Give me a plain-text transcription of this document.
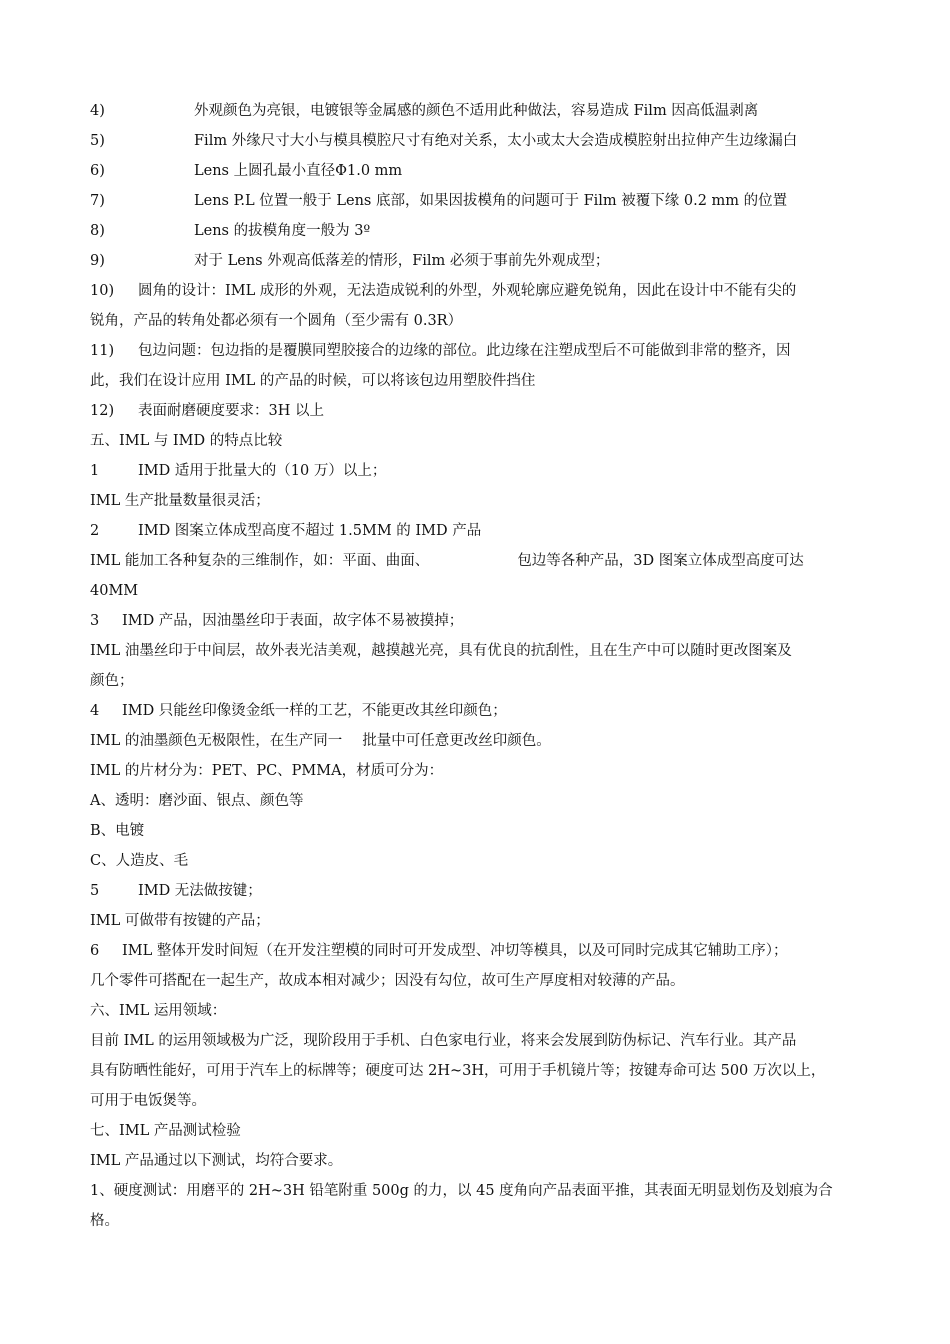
4)	外观颜色为亮银，电镀银等金属感的颜色不适用此种做法，容易造成 Film 因高低温剥离
5)	Film 外缘尺寸大小与模具模腔尺寸有绝对关系，太小或太大会造成模腔射出拉伸产生边缘漏白
6)	Lens 上圆孔最小直径Φ1.0 mm
7)	Lens P.L 位置一般于 Lens 底部，如果因拔模角的问题可于 Film 被覆下缘 0.2 mm 的位置
8)	Lens 的拔模角度一般为 3º
9)	对于 Lens 外观高低落差的情形，Film 必须于事前先外观成型；
10) 圆角的设计：IML 成形的外观，无法造成锐利的外型，外观轮廓应避免锐角，因此在设计中不能有尖的
锐角，产品的转角处都必须有一个圆角（至少需有 0.3R）
11) 包边问题：包边指的是覆膜同塑胶接合的边缘的部位。此边缘在注塑成型后不可能做到非常的整齐，因
此，我们在设计应用 IML 的产品的时候，可以将该包边用塑胶件挡住
12) 表面耐磨硬度要求：3H 以上
五、IML 与 IMD 的特点比较
1	IMD 适用于批量大的（10 万）以上；
IML 生产批量数量很灵活；
2	IMD 图案立体成型高度不超过 1.5MM 的 IMD 产品
IML 能加工各种复杂的三维制作，如：平面、曲面、	包边等各种产品，3D 图案立体成型高度可达
40MM
3 IMD 产品，因油墨丝印于表面，故字体不易被摸掉；
IML 油墨丝印于中间层，故外表光洁美观，越摸越光亮，具有优良的抗刮性，且在生产中可以随时更改图案及
颜色；
4 IMD 只能丝印像烫金纸一样的工艺，不能更改其丝印颜色；
IML 的油墨颜色无极限性，在生产同一 批量中可任意更改丝印颜色。
IML 的片材分为：PET、PC、PMMA，材质可分为：
A、透明：磨沙面、银点、颜色等
B、电镀
C、人造皮、毛
5	IMD 无法做按键；
IML 可做带有按键的产品；
6 IML 整体开发时间短（在开发注塑模的同时可开发成型、冲切等模具，以及可同时完成其它辅助工序）；
几个零件可搭配在一起生产，故成本相对减少；因没有勾位，故可生产厚度相对较薄的产品。
六、IML 运用领域：
目前 IML 的运用领域极为广泛，现阶段用于手机、白色家电行业，将来会发展到防伪标记、汽车行业。其产品
具有防晒性能好，可用于汽车上的标牌等；硬度可达 2H~3H，可用于手机镜片等；按键寿命可达 500 万次以上，
可用于电饭煲等。
七、IML 产品测试检验
IML 产品通过以下测试，均符合要求。
1、硬度测试：用磨平的 2H~3H 铅笔附重 500g 的力，以 45 度角向产品表面平推，其表面无明显划伤及划痕为合
格。
